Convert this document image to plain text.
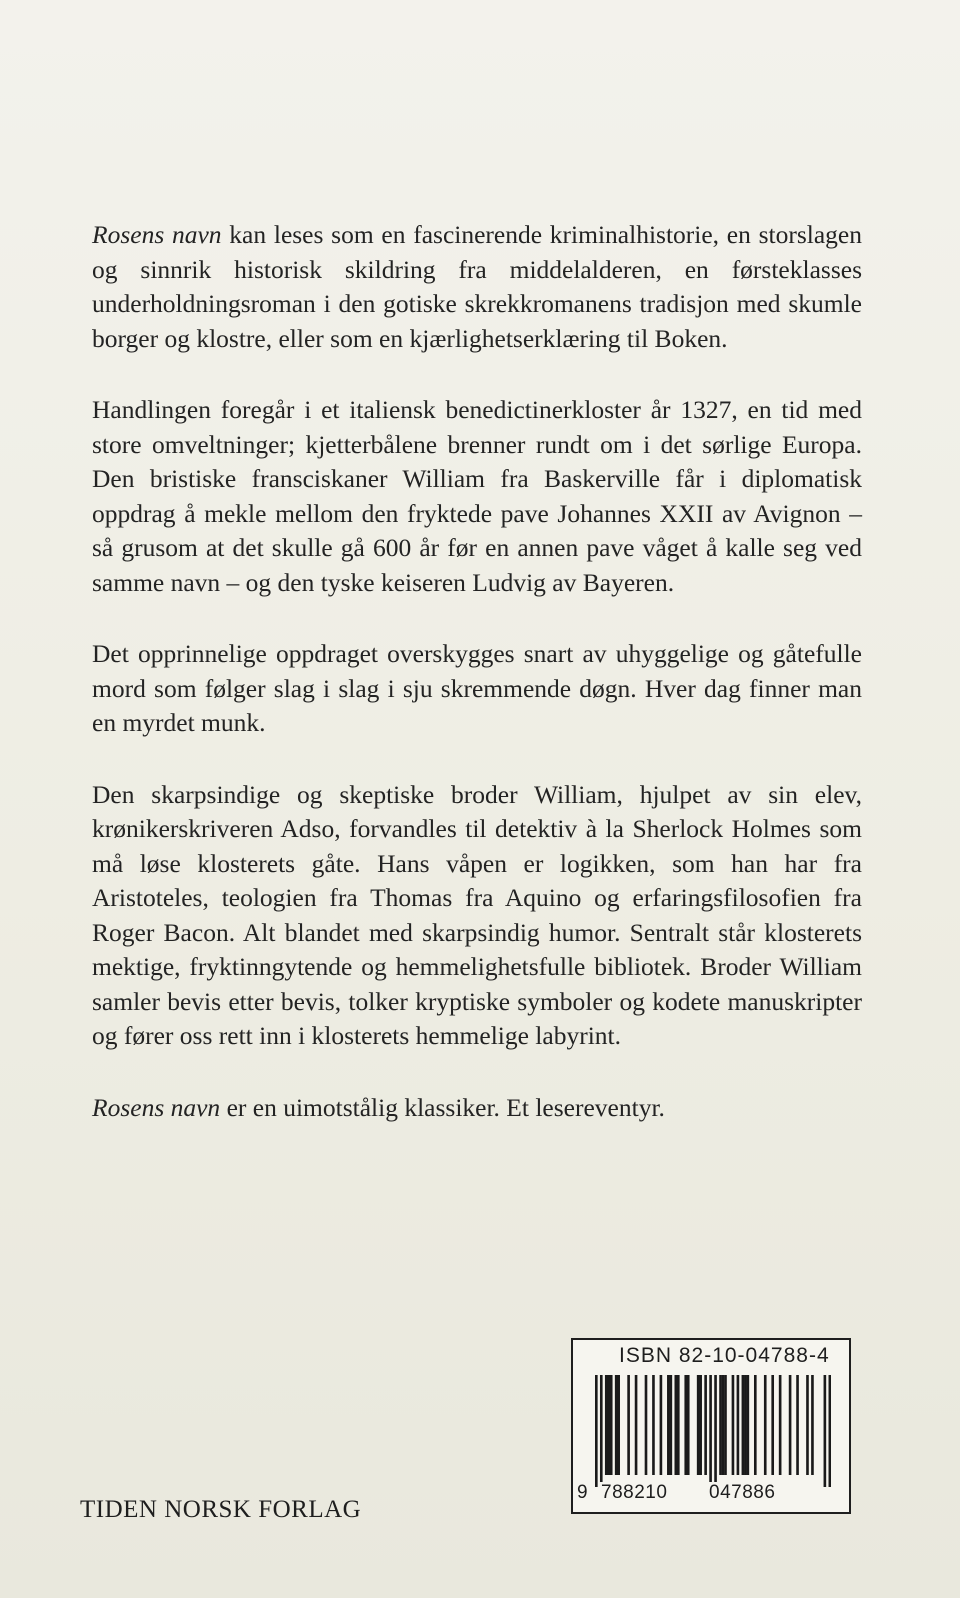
Rosens navn kan leses som en fascinerende kriminalhistorie, en storslagen og sinnrik historisk skildring fra middelalderen, en førsteklasses underholdningsroman i den gotiske skrekkromanens tradisjon med skumle borger og klostre, eller som en kjærlighetserklæring til Boken.

Handlingen foregår i et italiensk benedictinerkloster år 1327, en tid med store omveltninger; kjetterbålene brenner rundt om i det sørlige Europa. Den bristiske fransciskaner William fra Baskerville får i diplomatisk oppdrag å mekle mellom den fryktede pave Johannes XXII av Avignon – så grusom at det skulle gå 600 år før en annen pave våget å kalle seg ved samme navn – og den tyske keiseren Ludvig av Bayeren.

Det opprinnelige oppdraget overskygges snart av uhyggelige og gåtefulle mord som følger slag i slag i sju skremmende døgn. Hver dag finner man en myrdet munk.

Den skarpsindige og skeptiske broder William, hjulpet av sin elev, krønikerskriveren Adso, forvandles til detektiv à la Sherlock Holmes som må løse klosterets gåte. Hans våpen er logikken, som han har fra Aristoteles, teologien fra Thomas fra Aquino og erfaringsfilosofien fra Roger Bacon. Alt blandet med skarpsindig humor. Sentralt står klosterets mektige, fryktinngytende og hemmelighetsfulle bibliotek. Broder William samler bevis etter bevis, tolker kryptiske symboler og kodete manuskripter og fører oss rett inn i klosterets hemmelige labyrint.

Rosens navn er en uimotstålig klassiker. Et lesereventyr.

TIDEN NORSK FORLAG
ISBN 82-10-04788-4
9 788210 047886
